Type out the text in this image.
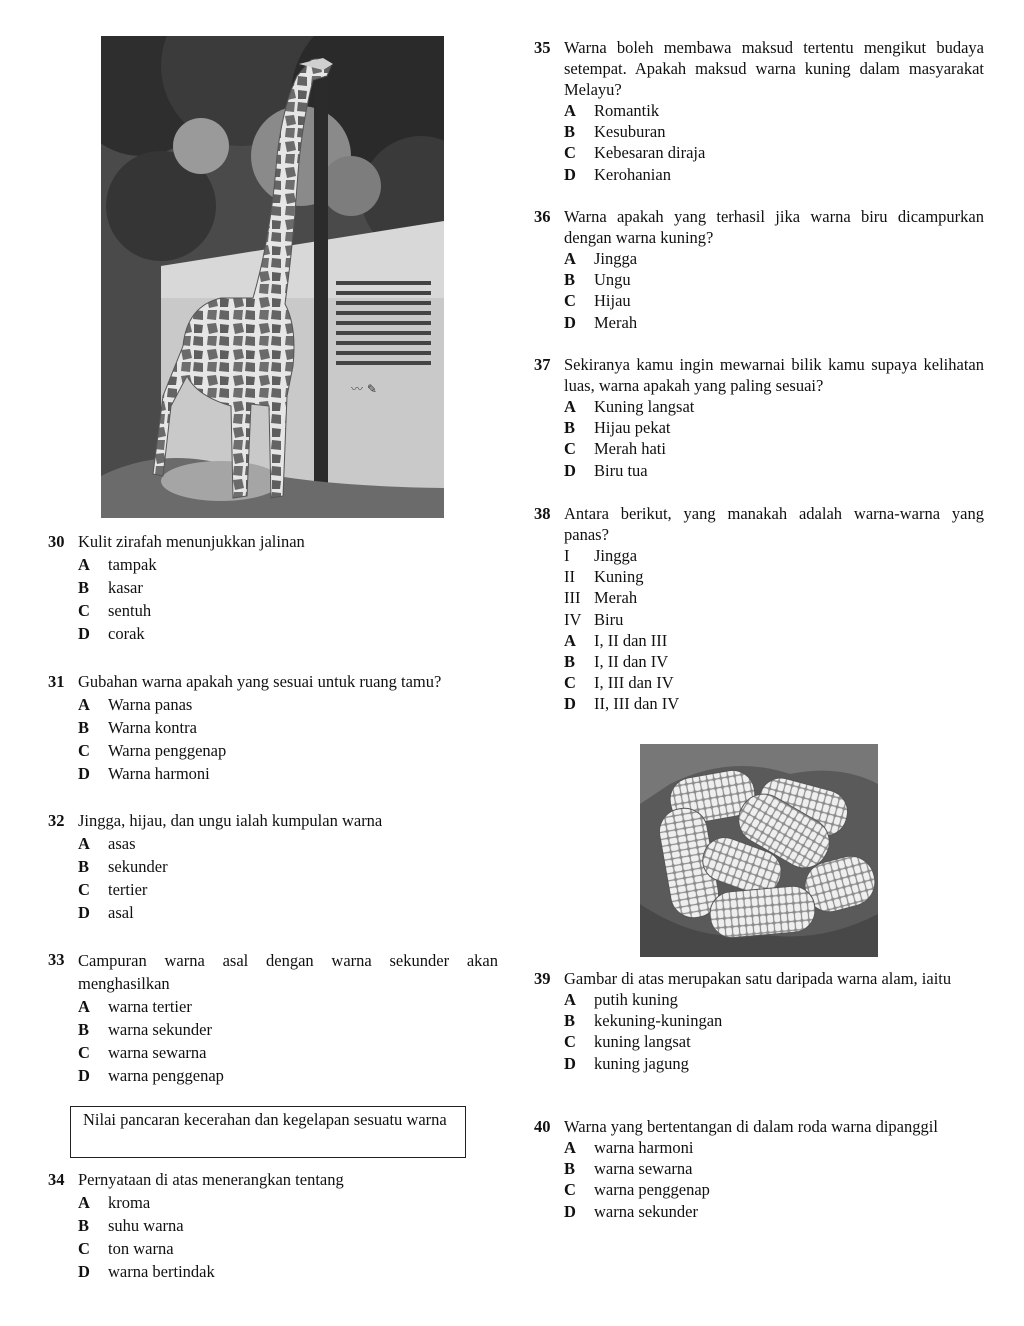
〰 ✎
30 Kulit zirafah menunjukkan jalinan
A	tampak
B	kasar
C	sentuh
D	corak
31 Gubahan warna apakah yang sesuai untuk ruang tamu?
A	Warna panas
B	Warna kontra
C	Warna penggenap
D	Warna harmoni
32 Jingga, hijau, dan ungu ialah kumpulan warna
A	asas
B	sekunder
C	tertier
D	asal
33 Campuran warna asal dengan warna sekunder akan menghasilkan
A	warna tertier
B	warna sekunder
C	warna sewarna
D	warna penggenap
Nilai pancaran kecerahan dan kegelapan sesuatu warna
34 Pernyataan di atas menerangkan tentang
A	kroma
B	suhu warna
C	ton warna
D	warna bertindak
35 Warna boleh membawa maksud tertentu mengikut budaya setempat. Apakah maksud warna kuning dalam masyarakat Melayu?
A	Romantik
B	Kesuburan
C	Kebesaran diraja
D	Kerohanian
36 Warna apakah yang terhasil jika warna biru dicampurkan dengan warna kuning?
A	Jingga
B	Ungu
C	Hijau
D	Merah
37 Sekiranya kamu ingin mewarnai bilik kamu supaya kelihatan luas, warna apakah yang paling sesuai?
A	Kuning langsat
B	Hijau pekat
C	Merah hati
D	Biru tua
38 Antara berikut, yang manakah adalah warna-warna yang panas?
I	Jingga
II	Kuning
III Merah
IV Biru
A	I, II dan III
B	I, II dan IV
C	I, III dan IV
D	II, III dan IV
39 Gambar di atas merupakan satu daripada warna alam, iaitu
A	putih kuning
B	kekuning-kuningan
C	kuning langsat
D	kuning jagung
40 Warna yang bertentangan di dalam roda warna dipanggil
A	warna harmoni
B	warna sewarna
C	warna penggenap
D	warna sekunder
